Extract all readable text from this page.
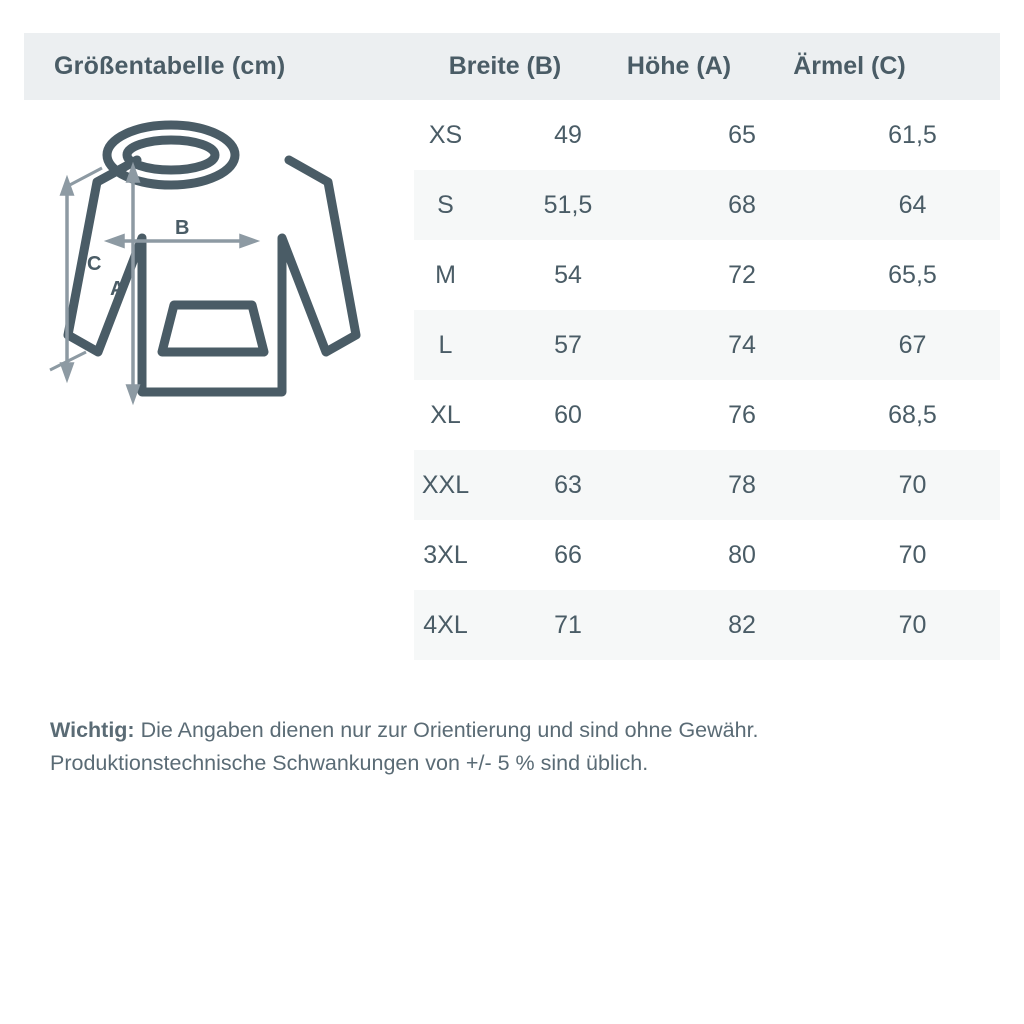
Größentabelle (cm)	Breite (B)	Höhe (A)	Ärmel (C)
C
A
B
XS	49	65	61,5
S	51,5	68	64
M	54	72	65,5
L	57	74	67
XL	60	76	68,5
XXL	63	78	70
3XL	66	80	70
4XL	71	82	70
Wichtig: Die Angaben dienen nur zur Orientierung und sind ohne Gewähr.
Produktionstechnische Schwankungen von +/- 5 % sind üblich.
